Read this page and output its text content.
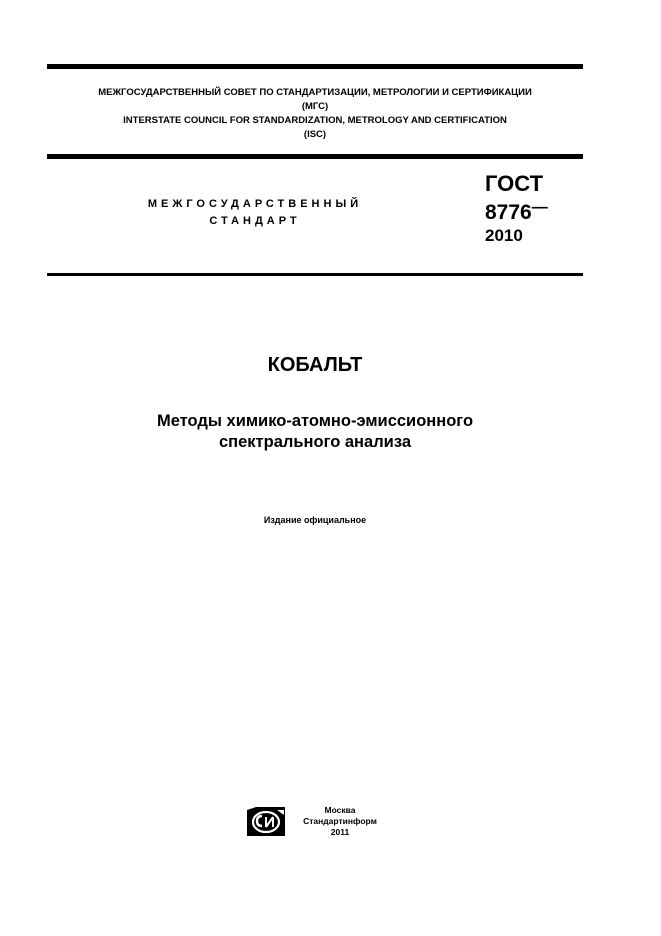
МЕЖГОСУДАРСТВЕННЫЙ СОВЕТ ПО СТАНДАРТИЗАЦИИ, МЕТРОЛОГИИ И СЕРТИФИКАЦИИ
(МГС)
INTERSTATE COUNCIL FOR STANDARDIZATION, METROLOGY AND CERTIFICATION
(ISC)
МЕЖГОСУДАРСТВЕННЫЙ
СТАНДАРТ
ГОСТ
8776—
2010
КОБАЛЬТ
Методы химико-атомно-эмиссионного
спектрального анализа
Издание официальное
Москва
Стандартинформ
2011
